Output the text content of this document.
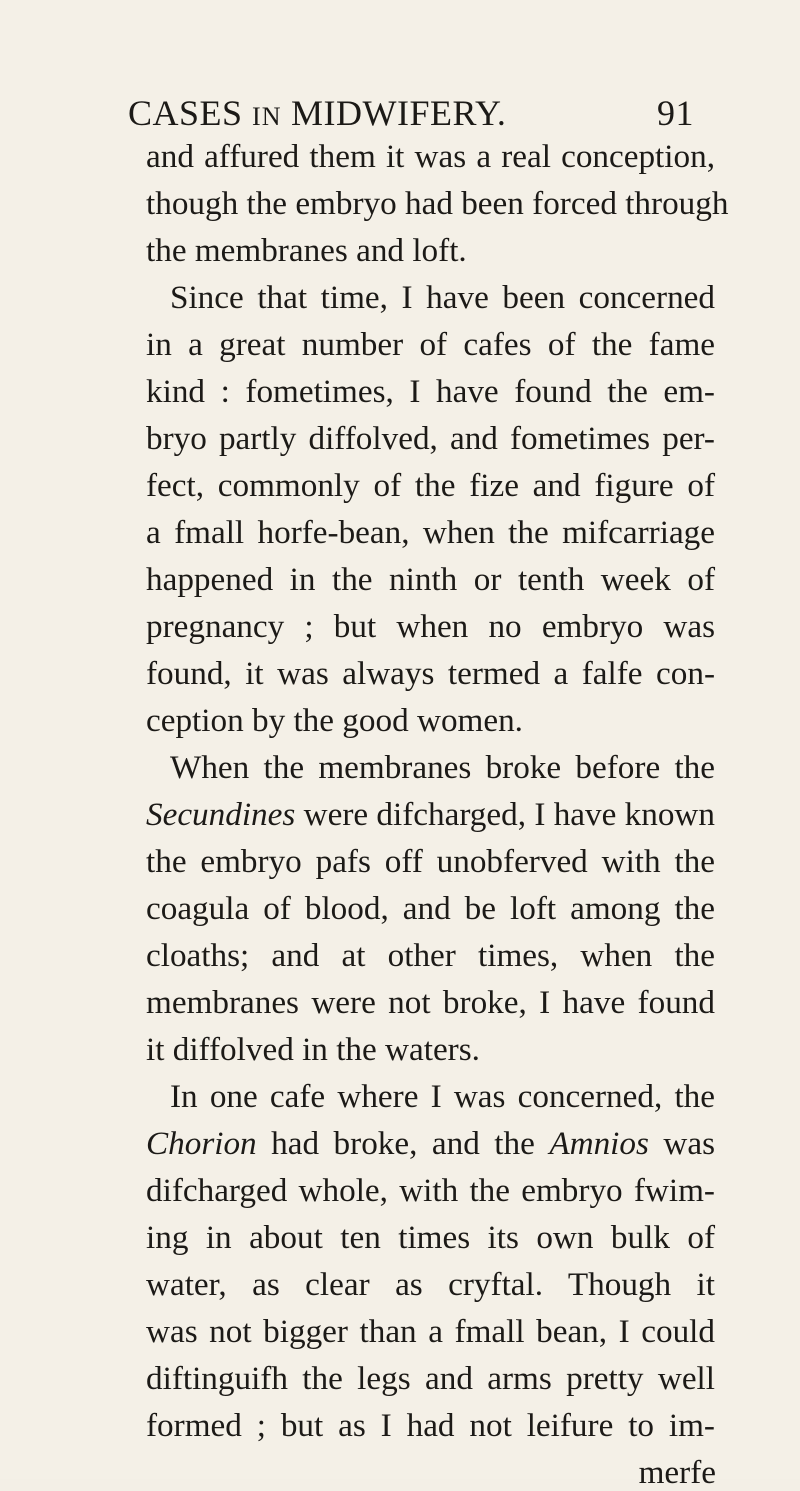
CASES IN MIDWIFERY.	91
and affured them it was a real conception,
though the embryo had been forced through
the membranes and loft.
Since that time, I have been concerned
in a great number of cafes of the fame
kind : fometimes, I have found the em-
bryo partly diffolved, and fometimes per-
fect, commonly of the fize and figure of
a fmall horfe-bean, when the mifcarriage
happened in the ninth or tenth week of
pregnancy ; but when no embryo was
found, it was always termed a falfe con-
ception by the good women.
When the membranes broke before the
Secundines were difcharged, I have known
the embryo pafs off unobferved with the
coagula of blood, and be loft among the
cloaths; and at other times, when the
membranes were not broke, I have found
it diffolved in the waters.
In one cafe where I was concerned, the
Chorion had broke, and the Amnios was
difcharged whole, with the embryo fwim-
ing in about ten times its own bulk of
water, as clear as cryftal. Though it
was not bigger than a fmall bean, I could
diftinguifh the legs and arms pretty well
formed ; but as I had not leifure to im-
merfe
